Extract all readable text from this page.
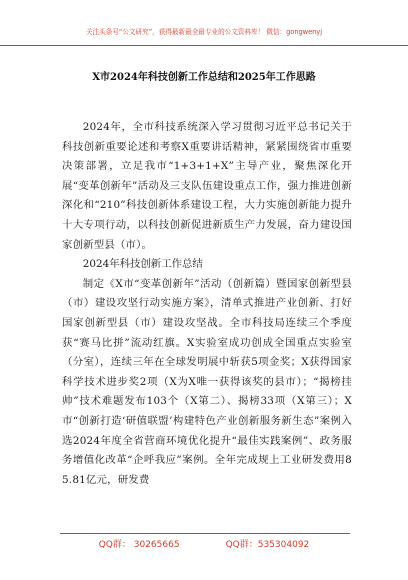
关注头条号“公文研究”，获得最新最全最专业的公文资料库！ 微信：gongwenyj
X市2024年科技创新工作总结和2025年工作思路

2024年，全市科技系统深入学习贯彻习近平总书记关于科技创新重要论述和考察X重要讲话精神，紧紧围绕省市重要决策部署，立足我市“1+3+1+X”主导产业，聚焦深化开展“变革创新年”活动及三支队伍建设重点工作，强力推进创新深化和“210”科技创新体系建设工程，大力实施创新能力提升十大专项行动，以科技创新促进新质生产力发展，奋力建设国家创新型县（市）。

2024年科技创新工作总结

制定《X市“变革创新年”活动（创新篇）暨国家创新型县（市）建设攻坚行动实施方案》，清单式推进产业创新、打好国家创新型县（市）建设攻坚战。全市科技局连续三个季度获“赛马比拼”流动红旗。X实验室成功创成全国重点实验室（分室），连续三年在全球发明展中斩获5项金奖；X获得国家科学技术进步奖2项（X为X唯一获得该奖的县市）；“揭榜挂帅”技术难题发布103个（X第二）、揭榜33项（X第三）；X市“创新打造‘研值联盟’构建特色产业创新服务新生态”案例入选2024年度全省营商环境优化提升“最佳实践案例”、政务服务增值化改革“企呼我应”案例。全年完成规上工业研发费用85.81亿元，研发费

QQ群： 30265665	QQ群：535304092
